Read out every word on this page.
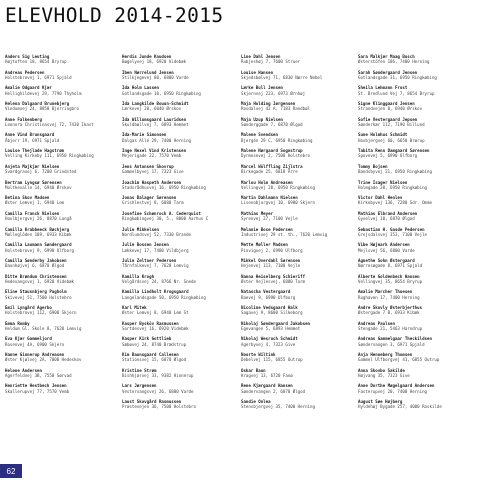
ELEVHOLD 2014-2015
Anders Sig Leuting
Højtoften 18, 8654 Bryrup
Andreas Pedersen
Holstebrovej 1, 6971 Spjald
Amalie Odgaard Kjær
Hellighildevej 29, 7790 Thyholm
Helena Dalgaard Brunebjerg
Vindumvej 24, 8850 Bjerringbro
Anne Falkenberg
Leonora Christinasvej 72, 7430 Ikast
Anne Vind Brunsgaard
Åbjerr 19, 6971 Spjald
Louise Thejlade Hagstrøm
Velling Kirkeby 111, 6950 Ringkøbing
Anjeta Majkjær Nielsen
Sværdgravej 6, 7200 Grindsted
Bertram Lyngsø Sørensen
Moltkevalle 14, 6940 Ørskov
Betina Skov Madsen
Øster Lemvej 1, 6940 Lem
Camilla Franck Nielsen
Houlbjergvej 26, 8870 Langå
Camilla Krabbeeck Bøchjerg
Mølleglöden 189, 6933 Kibæk
Camilla Laumann Søndergaard
Holstebrovej 9, 6990 Ulfborg
Camilla Sønderby Jakobsen
Baunhøjvej 6, 6870 Ølgod
Ditte Brøndum Christensen
Hedevangsvej 1, 6920 Videbæk
Eline Stausnbjerg Pugholm
Skivevej 51, 7500 Holstebro
Emil Lyngård Agerbo
Holstebrovej 112, 6900 Skjern
Emma Romby
Heldum Gl. Skole 8, 7620 Lemvig
Eva Kjær Gammeljord
Rosenvej 4A, 6900 Skjern
Hanne Ginnerup Andreasen
Øster Kjølvej 2A, 7000 Hedeskov
Helene Andersen
Agerfeldvej 3B, 7550 Sørvad
Henriette Hestbech Jensen
Skallerupvej 77, 7570 Vemb
Herdis Junde Knudsen
Bøgelyvej 18, 6920 Videbæk
Iben Nørrelund Jensen
Stilkjegevej 80, 6800 Varde
Ida Holm Lassen
Gotlandsgade 10, 6950 Ringkøbing
Ida Langkilde Bouun-Schmidt
Lærkevej 20, 6040 Ørskov
Ida Willumsgaard Lauridsen
Skuldbøllvej 7, 6893 Hemmet
Ida-Marie Simonsen
Dalgas Allé 29, 7400 Herning
Inge Nexel Vind Kristensen
Mejerigade 22, 7570 Vemb
Jens Antonsen Skovrup
Gammelbyvej 17, 7323 Give
Joachim Haspeth Andersen
Stadsrådhusvej 16, 6950 Ringkøbing
Jonas Dalager Sørensen
Grishlestvej 8, 6880 Tarm
Josefine Schønrock A. Cederquist
Ringkøbingvej 30, 5., 8000 Aarhus C
Julie Mikkelsen
Nordlundsvej 52, 7330 Brande
Julie Bossen Jensen
Lækkevej 17, 7480 Vildbjerg
Julie Zeltner Pedersen
Tårnfalkevej 7, 7620 Lemvig
Kamilla Krogh
Velgårdsvej 24, 8766 Nr. Snede
Kamilla Lindholt Krogsgaard
Langelandsgade 50, 6950 Ringkøbing
Karl Mitek
Øster Lemvej 8, 6940 Lem St
Kasper Bysköv Rasmussen
Sortdesvej 16, 6920 Videbæk
Kasper Kirk Gottlieb
Sæbøvej 24, 8740 Brædstrup
Kim Baunsgaard Callesen
Stationsvej 15, 6870 Ølgod
Kristine Strøm
Bishkjærvej 33, 9382 Hinnerup
Lars Jørgensen
Vestervangsvej 26, 6800 Varde
Laust Skovgård Rasmussen
Præstevejen 36, 7500 Holstebro
Line Dahl Jensen
Rubjeshøj 7, 7600 Struer
Louise Hansen
Skjedsbølvej 71, 6830 Nørre Nebel
Lærke Bull Jensen
Skjernvej 223, 6973 Ørnhøj
Maja Holding Jørgensen
Rosdalvej 42 A, 7183 Randbøl
Maja Uzup Nielsen
Sønderggade 7, 6870 Ølgod
Malene Svendsen
Bjergén 29 C, 6950 Ringkøbing
Malene Nørgaard Sognstrup
Dyrmosevej 2, 7500 Holstebro
Marcel Wölffling Zijlstra
Birkegade 25, 6818 Årre
Marlou Holm Andreasen
Vellingvej 20, 6950 Ringkøbing
Martin Dahlmann Nielsen
Lisenobjorgvej 10, 6900 Skjern
Mathias Meyer
Syrenvej 27, 7100 Vejle
Melanie Bose Pedersen
Industrivej 29 st. th., 7620 Lemvig
Mette Møller Madsen
Pinvigvej 2, 6990 Ulfborg
Mikkel Overdahl Sørensen
Hejenvej 113, 7100 Vejle
Nanna Heiselberg Schieriff
Øster Vejlesvej, 6880 Tarm
Natascha Vestergaard
Baevej 9, 6990 Ulfborg
Nicoline Vedsgaard Halk
Sagavej 9, 8600 Silkeborg
Nikolaj Søndergaard Jakobsen
Egevangen 5, 6893 Hemmet
Nikolaj Wesruch Schmidt
Agerbyvej 4, 7323 Give
Noorte Wiltink
Debelvej 115, 6855 Outrup
Oskar Baun
Kragvej 13, 6720 Fanø
Rene Kjærgaard Hansen
Søndervangen 2, 6870 Ølgod
Sandie Onlea
Stensbjergvej 35, 7400 Herning
Sara Malkjær Maag Busch
Østerstöfen 186, 7400 Herning
Sarah Søndergaard Jensen
Gotlandsgade 31, 6950 Ringkøbing
Sheila Lehmann Frost
St. Bredlund Vej 7, 8654 Bryrup
Signe Klinggaard Jensen
Strandvejen 8, 6940 Ørskov
Sofie Vestergaard Jepsen
Sønderkær 112, 7190 Billund
Sune Holmhus Schmidt
Hovbjergvej 60, 6650 Brørup
Tabita Renn Damgaard Sørensen
Spovevej 5, 6990 Ulfborg
Tommy Bojsen
Bandsbyvej 21, 6950 Ringkøbing
Trine Isager Nielsen
Holmgade 20, 6950 Ringkøbing
Victor Dahl Henlev
Kirkebyvej 136, 7280 Sdr. Omme
Mathias Elbrand Andersen
Gyvelvej 10, 6870 Ølgod
Sebastian H. Gasde Pedersen
Grejsdalsvej 353, 7100 Vejle
Vibe Højmark Andersen
Mejlsvej 56, 6800 Varde
Agnethe Sohn Østergaard
Nørresøgade 8, 6971 Spjald
Alberte Goldenbeck Hansen
Vellingvej 35, 8654 Bryrup
Amalie Marcher Thuesen
Rughaven 17, 7400 Herning
Andre Skovly Østerbjerthus
Østergade 7 B, 6933 Kibæk
Andreas Paulsen
Stengade 21, 5463 Harndrup
Andreas Gammelgaar Theckildsen
Søndervangen 3, 6971 Spjald
Anja Henneberg Thomsen
Gammel Ulfborgvej 41, 6855 Outrup
Anna Skovbo Sakilde
Højvang 35, 7323 Give
Anne Dorthe Møgelgaard Andersen
Fasterupvej 20, 7400 Herning
August Søe Højberg
Hyldehøj Bygade 257, 4000 Roskilde
62
